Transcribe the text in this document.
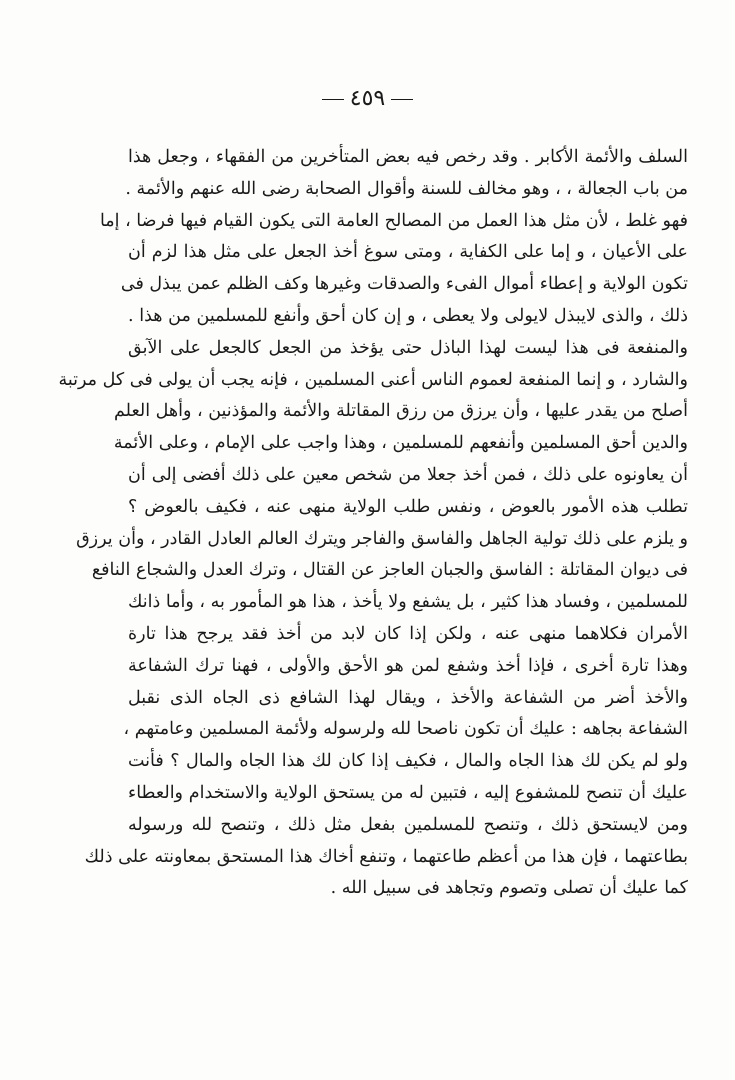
٤٥٩
السلف والأئمة الأكابر . وقد رخص فيه بعض المتأخرين من الفقهاء ، وجعل هذا
من باب الجعالة ، ، وهو مخالف للسنة وأقوال الصحابة رضى الله عنهم والأئمة .
فهو غلط ، لأن مثل هذا العمل من المصالح العامة التى يكون القيام فيها فرضا ، إما
على الأعيان ، و إما على الكفاية ، ومتى سوغ أخذ الجعل على مثل هذا لزم أن
تكون الولاية و إعطاء أموال الفىء والصدقات وغيرها وكف الظلم عمن يبذل فى
ذلك ، والذى لايبذل لايولى ولا يعطى ، و إن كان أحق وأنفع للمسلمين من هذا .
والمنفعة فى هذا ليست لهذا الباذل حتى يؤخذ من الجعل كالجعل على الآبق
والشارد ، و إنما المنفعة لعموم الناس أعنى المسلمين ، فإنه يجب أن يولى فى كل مرتبة
أصلح من يقدر عليها ، وأن يرزق من رزق المقاتلة والأئمة والمؤذنين ، وأهل العلم
والدين أحق المسلمين وأنفعهم للمسلمين ، وهذا واجب على الإمام ، وعلى الأئمة
أن يعاونوه على ذلك ، فمن أخذ جعلا من شخص معين على ذلك أفضى إلى أن
تطلب هذه الأمور بالعوض ، ونفس طلب الولاية منهى عنه ، فكيف بالعوض ؟
و يلزم على ذلك تولية الجاهل والفاسق والفاجر ويترك العالم العادل القادر ، وأن يرزق
فى ديوان المقاتلة : الفاسق والجبان العاجز عن القتال ، وترك العدل والشجاع النافع
للمسلمين ، وفساد هذا كثير ، بل يشفع ولا يأخذ ، هذا هو المأمور به ، وأما ذانك
الأمران فكلاهما منهى عنه ، ولكن إذا كان لابد من أخذ فقد يرجح هذا تارة
وهذا تارة أخرى ، فإذا أخذ وشفع لمن هو الأحق والأولى ، فهنا ترك الشفاعة
والأخذ أضر من الشفاعة والأخذ ، ويقال لهذا الشافع ذى الجاه الذى نقبل
الشفاعة بجاهه : عليك أن تكون ناصحا لله ولرسوله ولأئمة المسلمين وعامتهم ،
ولو لم يكن لك هذا الجاه والمال ، فكيف إذا كان لك هذا الجاه والمال ؟ فأنت
عليك أن تنصح للمشفوع إليه ، فتبين له من يستحق الولاية والاستخدام والعطاء
ومن لايستحق ذلك ، وتنصح للمسلمين بفعل مثل ذلك ، وتنصح لله ورسوله
بطاعتهما ، فإن هذا من أعظم طاعتهما ، وتنفع أخاك هذا المستحق بمعاونته على ذلك
كما عليك أن تصلى وتصوم وتجاهد فى سبيل الله .
